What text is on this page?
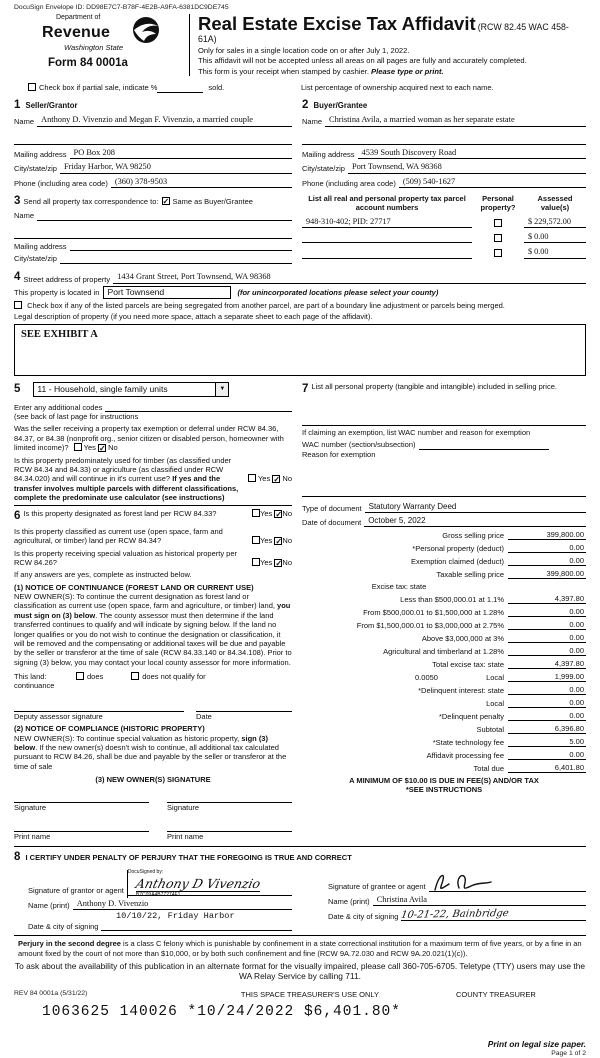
DocuSign Envelope ID: DD98E7C7-B78F-4E2B-A9FA-6381DC9DE745
Department of
Revenue
Washington State
Form 84 0001a
Real Estate Excise Tax Affidavit (RCW 82.45 WAC 458-61A)
Only for sales in a single location code on or after July 1, 2022.
This affidavit will not be accepted unless all areas on all pages are fully and accurately completed.
This form is your receipt when stamped by cashier. Please type or print.
Check box if partial sale, indicate %	sold.	List percentage of ownership acquired next to each name.
1 Seller/Grantor
Name Anthony D. Vivenzio and Megan F. Vivenzio, a married couple
Mailing address PO Box 208
City/state/zip Friday Harbor, WA 98250
Phone (including area code) (360) 378-9503
2 Buyer/Grantee
Name Christina Avila, a married woman as her separate estate
Mailing address 4539 South Discovery Road
City/state/zip Port Townsend, WA 98368
Phone (including area code) (509) 540-1627
3 Send all property tax correspondence to: ✓	Same as Buyer/Grantee
Name
Mailing address
City/state/zip
List all real and personal property tax parcel account numbers
Personal property?
Assessed value(s)
948-310-402; PID: 27717	$ 229,572.00
$ 0.00
$ 0.00
4 Street address of property 1434 Grant Street, Port Townsend, WA 98368
This property is located in Port Townsend	(for unincorporated locations please select your county)
Check box if any of the listed parcels are being segregated from another parcel, are part of a boundary line adjustment or parcels being merged.
Legal description of property (if you need more space, attach a separate sheet to each page of the affidavit).
SEE EXHIBIT A
5	11 - Household, single family units	▼
Enter any additional codes
(see back of last page for instructions
Was the seller receiving a property tax exemption or deferral under RCW 84.36, 84.37, or 84.38 (nonprofit org., senior citizen or disabled person, homeowner with limited income)? Yes ✓ No
Is this property predominately used for timber (as classified under RCW 84.34 and 84.33) or agriculture (as classified under RCW 84.34.020) and will continue in it's current use? If yes and the transfer involves multiple parcels with different classifications, complete the predominate use calculator (see instructions)
Yes ✓ No
6 Is this property designated as forest land per RCW 84.33?	Yes ✓ No
Is this property classified as current use (open space, farm and agricultural, or timber) land per RCW 84.34?	Yes ✓ No
Is this property receiving special valuation as historical property per RCW 84.26?	Yes ✓ No
If any answers are yes, complete as instructed below.
(1) NOTICE OF CONTINUANCE (FOREST LAND OR CURRENT USE)
NEW OWNER(S): To continue the current designation as forest land or classification as current use (open space, farm and agriculture, or timber) land, you must sign on (3) below. The county assessor must then determine if the land transferred continues to qualify and will indicate by signing below. If the land no longer qualifies or you do not wish to continue the designation or classification, it will be removed and the compensating or additional taxes will be due and payable by the seller or transferor at the time of sale (RCW 84.33.140 or 84.34.108). Prior to signing (3) below, you may contact your local county assessor for more information.
This land:	does	does not qualify for
continuance
Deputy assessor signature	Date
(2) NOTICE OF COMPLIANCE (HISTORIC PROPERTY)
NEW OWNER(S): To continue special valuation as historic property, sign (3) below. If the new owner(s) doesn't wish to continue, all additional tax calculated pursuant to RCW 84.26, shall be due and payable by the seller or transferor at the time of sale
(3) NEW OWNER(S) SIGNATURE
Signature	Signature
Print name	Print name
7 List all personal property (tangible and intangible) included in selling price.
If claiming an exemption, list WAC number and reason for exemption
WAC number (section/subsection)
Reason for exemption
Type of document Statutory Warranty Deed
Date of document October 5, 2022
Gross selling price	399,800.00
*Personal property (deduct)	0.00
Exemption claimed (deduct)	0.00
Taxable selling price	399,800.00
Excise tax: state
Less than $500,000.01 at 1.1%	4,397.80
From $500,000.01 to $1,500,000 at 1.28%	0.00
From $1,500,000.01 to $3,000,000 at 2.75%	0.00
Above $3,000,000 at 3%	0.00
Agricultural and timberland at 1.28%	0.00
Total excise tax: state	4,397.80
0.0050	Local	1,999.00
*Delinquent interest: state	0.00
Local	0.00
*Delinquent penalty	0.00
Subtotal	6,396.80
*State technology fee	5.00
Affidavit processing fee	0.00
Total due	6,401.80
A MINIMUM OF $10.00 IS DUE IN FEE(S) AND/OR TAX
*SEE INSTRUCTIONS
8 I CERTIFY UNDER PENALTY OF PERJURY THAT THE FOREGOING IS TRUE AND CORRECT
Signature of grantor or agent
DocuSigned by:
Anthony D Vivenzio
B7C09A4B77274F1...
Name (print) Anthony D. Vivenzio
10/10/22, Friday Harbor
Date & city of signing
Signature of grantee or agent
Name (print) Christina Avila
Date & city of signing 10-21-22, Bainbridge
Perjury in the second degree is a class C felony which is punishable by confinement in a state correctional institution for a maximum term of five years, or by a fine in an amount fixed by the court of not more than $10,000, or by both such confinement and fine (RCW 9A.72.030 and RCW 9A.20.021(1)(c)).
To ask about the availability of this publication in an alternate format for the visually impaired, please call 360-705-6705. Teletype (TTY) users may use the WA Relay Service by calling 711.
REV 84 0001a (5/31/22)	THIS SPACE TREASURER'S USE ONLY	COUNTY TREASURER
1063625 140026 *10/24/2022 $6,401.80*
Print on legal size paper.
Page 1 of 2
